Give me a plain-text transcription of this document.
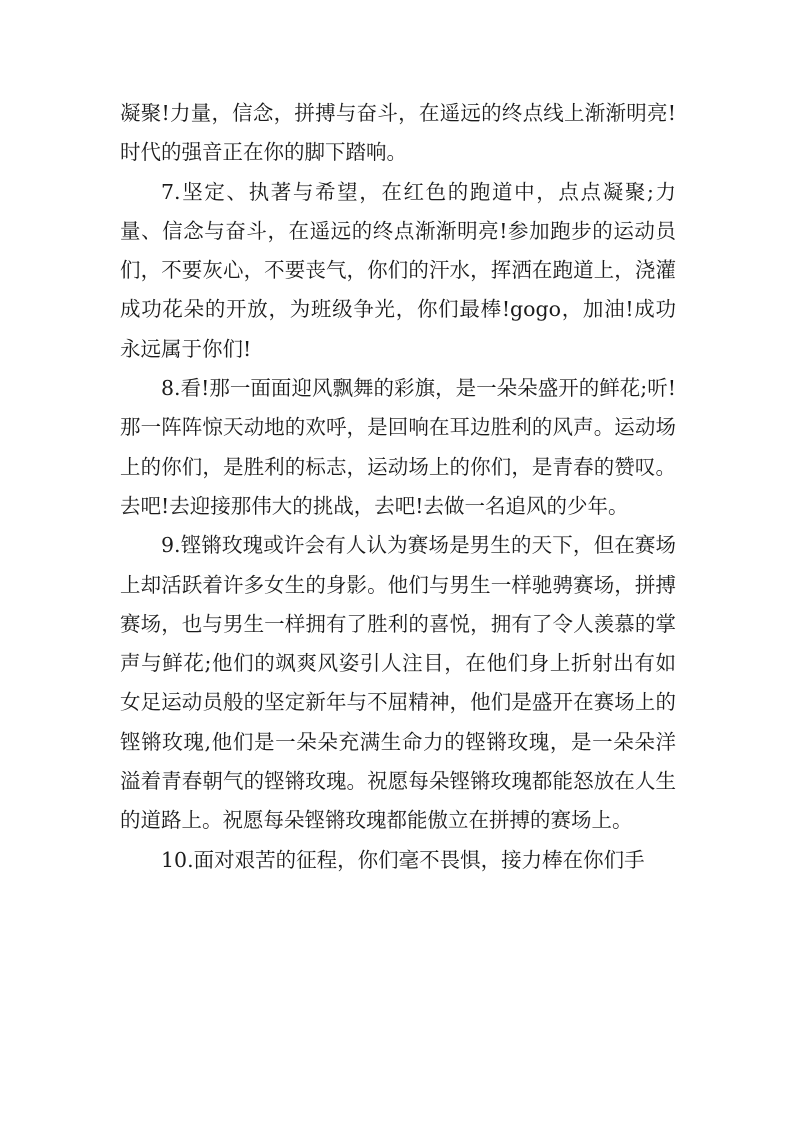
凝聚!力量，信念，拼搏与奋斗，在遥远的终点线上渐渐明亮!时代的强音正在你的脚下踏响。

7.坚定、执著与希望，在红色的跑道中，点点凝聚;力量、信念与奋斗，在遥远的终点渐渐明亮!参加跑步的运动员们，不要灰心，不要丧气，你们的汗水，挥洒在跑道上，浇灌成功花朵的开放，为班级争光，你们最棒!gogo，加油!成功永远属于你们!

8.看!那一面面迎风飘舞的彩旗，是一朵朵盛开的鲜花;听!那一阵阵惊天动地的欢呼，是回响在耳边胜利的风声。运动场上的你们，是胜利的标志，运动场上的你们，是青春的赞叹。去吧!去迎接那伟大的挑战，去吧!去做一名追风的少年。

9.铿锵玫瑰或许会有人认为赛场是男生的天下，但在赛场上却活跃着许多女生的身影。他们与男生一样驰骋赛场，拼搏赛场，也与男生一样拥有了胜利的喜悦，拥有了令人羡慕的掌声与鲜花;他们的飒爽风姿引人注目，在他们身上折射出有如女足运动员般的坚定新年与不屈精神，他们是盛开在赛场上的铿锵玫瑰,他们是一朵朵充满生命力的铿锵玫瑰，是一朵朵洋溢着青春朝气的铿锵玫瑰。祝愿每朵铿锵玫瑰都能怒放在人生的道路上。祝愿每朵铿锵玫瑰都能傲立在拼搏的赛场上。

10.面对艰苦的征程，你们毫不畏惧，接力棒在你们手
